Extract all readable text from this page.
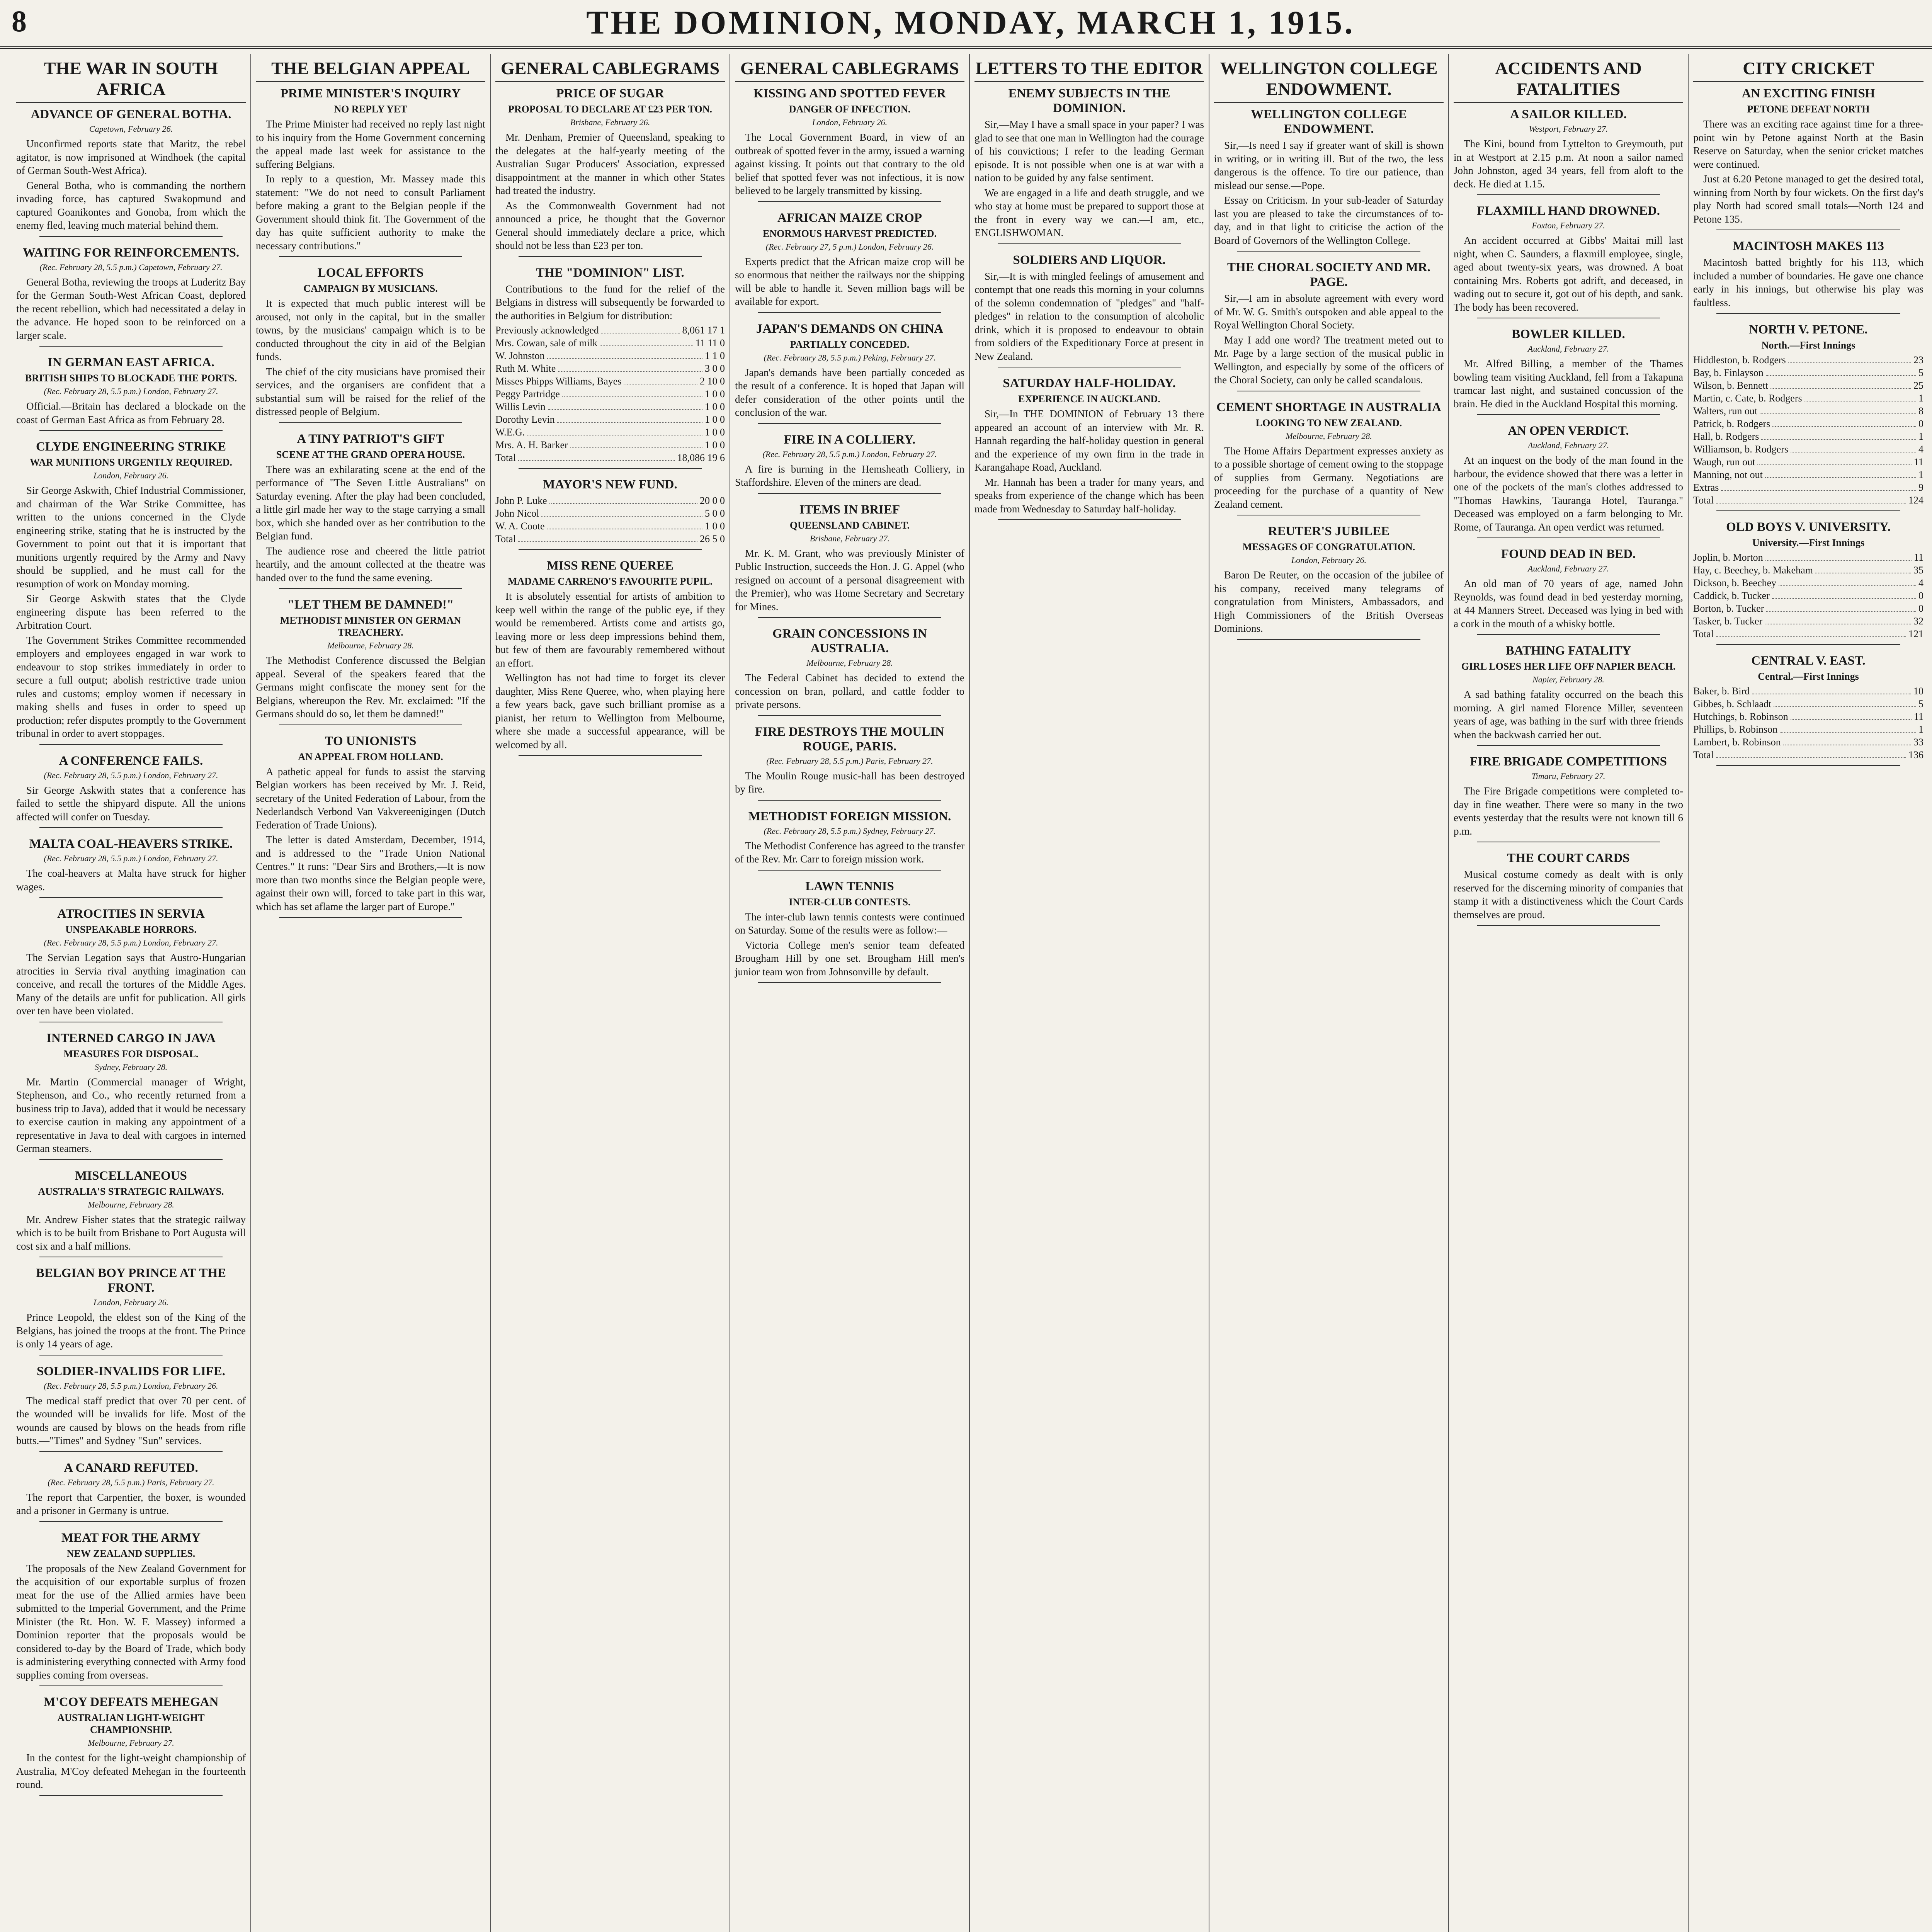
8	THE DOMINION, MONDAY, MARCH 1, 1915.
THE WAR IN SOUTH AFRICA
ADVANCE OF GENERAL BOTHA.
Capetown, February 26.

Unconfirmed reports state that Maritz, the rebel agitator, is now imprisoned at Windhoek (the capital of German South-West Africa).

General Botha, who is commanding the northern invading force, has captured Swakopmund and captured Goanikontes and Gonoba, from which the enemy fled, leaving much material behind them.

WAITING FOR REINFORCEMENTS.
(Rec. February 28, 5.5 p.m.) Capetown, February 27.

General Botha, reviewing the troops at Luderitz Bay for the German South-West African Coast, deplored the recent rebellion, which had necessitated a delay in the advance. He hoped soon to be reinforced on a larger scale.

IN GERMAN EAST AFRICA.
BRITISH SHIPS TO BLOCKADE THE PORTS.
(Rec. February 28, 5.5 p.m.) London, February 27.

Official.—Britain has declared a blockade on the coast of German East Africa as from February 28.

CLYDE ENGINEERING STRIKE
WAR MUNITIONS URGENTLY REQUIRED.
London, February 26.

Sir George Askwith, Chief Industrial Commissioner, and chairman of the War Strike Committee, has written to the unions concerned in the Clyde engineering strike, stating that he is instructed by the Government to point out that it is important that munitions urgently required by the Army and Navy should be supplied, and he must call for the resumption of work on Monday morning.

Sir George Askwith states that the Clyde engineering dispute has been referred to the Arbitration Court.

The Government Strikes Committee recommended employers and employees engaged in war work to endeavour to stop strikes immediately in order to secure a full output; abolish restrictive trade union rules and customs; employ women if necessary in making shells and fuses in order to speed up production; refer disputes promptly to the Government tribunal in order to avert stoppages.

A CONFERENCE FAILS.
(Rec. February 28, 5.5 p.m.) London, February 27.

Sir George Askwith states that a conference has failed to settle the shipyard dispute. All the unions affected will confer on Tuesday.

MALTA COAL-HEAVERS STRIKE.
(Rec. February 28, 5.5 p.m.) London, February 27.

The coal-heavers at Malta have struck for higher wages.

ATROCITIES IN SERVIA
UNSPEAKABLE HORRORS.
(Rec. February 28, 5.5 p.m.) London, February 27.

The Servian Legation says that Austro-Hungarian atrocities in Servia rival anything imagination can conceive, and recall the tortures of the Middle Ages. Many of the details are unfit for publication. All girls over ten have been violated.

INTERNED CARGO IN JAVA
MEASURES FOR DISPOSAL.
Sydney, February 28.

Mr. Martin (Commercial manager of Wright, Stephenson, and Co., who recently returned from a business trip to Java), added that it would be necessary to exercise caution in making any appointment of a representative in Java to deal with cargoes in interned German steamers.

MISCELLANEOUS
AUSTRALIA'S STRATEGIC RAILWAYS.
Melbourne, February 28.

Mr. Andrew Fisher states that the strategic railway which is to be built from Brisbane to Port Augusta will cost six and a half millions.

BELGIAN BOY PRINCE AT THE FRONT.
London, February 26.

Prince Leopold, the eldest son of the King of the Belgians, has joined the troops at the front. The Prince is only 14 years of age.

SOLDIER-INVALIDS FOR LIFE.
(Rec. February 28, 5.5 p.m.) London, February 26.

The medical staff predict that over 70 per cent. of the wounded will be invalids for life. Most of the wounds are caused by blows on the heads from rifle butts.—"Times" and Sydney "Sun" services.

A CANARD REFUTED.
(Rec. February 28, 5.5 p.m.) Paris, February 27.

The report that Carpentier, the boxer, is wounded and a prisoner in Germany is untrue.

MEAT FOR THE ARMY
NEW ZEALAND SUPPLIES.

The proposals of the New Zealand Government for the acquisition of our exportable surplus of frozen meat for the use of the Allied armies have been submitted to the Imperial Government, and the Prime Minister (the Rt. Hon. W. F. Massey) informed a Dominion reporter that the proposals would be considered to-day by the Board of Trade, which body is administering everything connected with Army food supplies coming from overseas.

M'COY DEFEATS MEHEGAN
AUSTRALIAN LIGHT-WEIGHT CHAMPIONSHIP.
Melbourne, February 27.

In the contest for the light-weight championship of Australia, M'Coy defeated Mehegan in the fourteenth round.

THE BELGIAN APPEAL
PRIME MINISTER'S INQUIRY
NO REPLY YET

The Prime Minister had received no reply last night to his inquiry from the Home Government concerning the appeal made last week for assistance to the suffering Belgians.

In reply to a question, Mr. Massey made this statement: "We do not need to consult Parliament before making a grant to the Belgian people if the Government should think fit. The Government of the day has quite sufficient authority to make the necessary contributions."

LOCAL EFFORTS
CAMPAIGN BY MUSICIANS.

It is expected that much public interest will be aroused, not only in the capital, but in the smaller towns, by the musicians' campaign which is to be conducted throughout the city in aid of the Belgian funds.

The chief of the city musicians have promised their services, and the organisers are confident that a substantial sum will be raised for the relief of the distressed people of Belgium.

A TINY PATRIOT'S GIFT
SCENE AT THE GRAND OPERA HOUSE.

There was an exhilarating scene at the end of the performance of "The Seven Little Australians" on Saturday evening. After the play had been concluded, a little girl made her way to the stage carrying a small box, which she handed over as her contribution to the Belgian fund.

The audience rose and cheered the little patriot heartily, and the amount collected at the theatre was handed over to the fund the same evening.

"LET THEM BE DAMNED!"
METHODIST MINISTER ON GERMAN TREACHERY.
Melbourne, February 28.

The Methodist Conference discussed the Belgian appeal. Several of the speakers feared that the Germans might confiscate the money sent for the Belgians, whereupon the Rev. Mr. exclaimed: "If the Germans should do so, let them be damned!"

TO UNIONISTS
AN APPEAL FROM HOLLAND.

A pathetic appeal for funds to assist the starving Belgian workers has been received by Mr. J. Reid, secretary of the United Federation of Labour, from the Nederlandsch Verbond Van Vakvereenigingen (Dutch Federation of Trade Unions).

The letter is dated Amsterdam, December, 1914, and is addressed to the "Trade Union National Centres." It runs: "Dear Sirs and Brothers,—It is now more than two months since the Belgian people were, against their own will, forced to take part in this war, which has set aflame the larger part of Europe."

GENERAL CABLEGRAMS
PRICE OF SUGAR
PROPOSAL TO DECLARE AT £23 PER TON.
Brisbane, February 26.

Mr. Denham, Premier of Queensland, speaking to the delegates at the half-yearly meeting of the Australian Sugar Producers' Association, expressed disappointment at the manner in which other States had treated the industry.

As the Commonwealth Government had not announced a price, he thought that the Governor General should immediately declare a price, which should not be less than £23 per ton.

THE "DOMINION" LIST.

Contributions to the fund for the relief of the Belgians in distress will subsequently be forwarded to the authorities in Belgium for distribution:

Previously acknowledged	8,061 17 1
Mrs. Cowan, sale of milk	11 11 0
W. Johnston	1 1 0
Ruth M. White	3 0 0
Misses Phipps Williams, Bayes	2 10 0
Peggy Partridge	1 0 0
Willis Levin	1 0 0
Dorothy Levin	1 0 0
W.E.G.	1 0 0
Mrs. A. H. Barker	1 0 0
Total	18,086 19 6
MAYOR'S NEW FUND.
John P. Luke	20 0 0
John Nicol	5 0 0
W. A. Coote	1 0 0
Total	26 5 0
MISS RENE QUEREE
MADAME CARRENO'S FAVOURITE PUPIL.

It is absolutely essential for artists of ambition to keep well within the range of the public eye, if they would be remembered. Artists come and artists go, leaving more or less deep impressions behind them, but few of them are favourably remembered without an effort.

Wellington has not had time to forget its clever daughter, Miss Rene Queree, who, when playing here a few years back, gave such brilliant promise as a pianist, her return to Wellington from Melbourne, where she made a successful appearance, will be welcomed by all.

GENERAL CABLEGRAMS
KISSING AND SPOTTED FEVER
DANGER OF INFECTION.
London, February 26.

The Local Government Board, in view of an outbreak of spotted fever in the army, issued a warning against kissing. It points out that contrary to the old belief that spotted fever was not infectious, it is now believed to be largely transmitted by kissing.

AFRICAN MAIZE CROP
ENORMOUS HARVEST PREDICTED.
(Rec. February 27, 5 p.m.) London, February 26.

Experts predict that the African maize crop will be so enormous that neither the railways nor the shipping will be able to handle it. Seven million bags will be available for export.

JAPAN'S DEMANDS ON CHINA
PARTIALLY CONCEDED.
(Rec. February 28, 5.5 p.m.) Peking, February 27.

Japan's demands have been partially conceded as the result of a conference. It is hoped that Japan will defer consideration of the other points until the conclusion of the war.

FIRE IN A COLLIERY.
(Rec. February 28, 5.5 p.m.) London, February 27.

A fire is burning in the Hemsheath Colliery, in Staffordshire. Eleven of the miners are dead.

ITEMS IN BRIEF
QUEENSLAND CABINET.
Brisbane, February 27.

Mr. K. M. Grant, who was previously Minister of Public Instruction, succeeds the Hon. J. G. Appel (who resigned on account of a personal disagreement with the Premier), who was Home Secretary and Secretary for Mines.

GRAIN CONCESSIONS IN AUSTRALIA.
Melbourne, February 28.

The Federal Cabinet has decided to extend the concession on bran, pollard, and cattle fodder to private persons.

FIRE DESTROYS THE MOULIN ROUGE, PARIS.
(Rec. February 28, 5.5 p.m.) Paris, February 27.

The Moulin Rouge music-hall has been destroyed by fire.

METHODIST FOREIGN MISSION.
(Rec. February 28, 5.5 p.m.) Sydney, February 27.

The Methodist Conference has agreed to the transfer of the Rev. Mr. Carr to foreign mission work.

LAWN TENNIS
INTER-CLUB CONTESTS.

The inter-club lawn tennis contests were continued on Saturday. Some of the results were as follow:—

Victoria College men's senior team defeated Brougham Hill by one set. Brougham Hill men's junior team won from Johnsonville by default.

LETTERS TO THE EDITOR
ENEMY SUBJECTS IN THE DOMINION.

Sir,—May I have a small space in your paper? I was glad to see that one man in Wellington had the courage of his convictions; I refer to the leading German episode. It is not possible when one is at war with a nation to be guided by any false sentiment.

We are engaged in a life and death struggle, and we who stay at home must be prepared to support those at the front in every way we can.—I am, etc., ENGLISHWOMAN.

SOLDIERS AND LIQUOR.

Sir,—It is with mingled feelings of amusement and contempt that one reads this morning in your columns of the solemn condemnation of "pledges" and "half-pledges" in relation to the consumption of alcoholic drink, which it is proposed to endeavour to obtain from soldiers of the Expeditionary Force at present in New Zealand.

SATURDAY HALF-HOLIDAY.
EXPERIENCE IN AUCKLAND.

Sir,—In THE DOMINION of February 13 there appeared an account of an interview with Mr. R. Hannah regarding the half-holiday question in general and the experience of my own firm in the trade in Karangahape Road, Auckland.

Mr. Hannah has been a trader for many years, and speaks from experience of the change which has been made from Wednesday to Saturday half-holiday.

WELLINGTON COLLEGE ENDOWMENT.
WELLINGTON COLLEGE ENDOWMENT.

Sir,—Is need I say if greater want of skill is shown in writing, or in writing ill. But of the two, the less dangerous is the offence. To tire our patience, than mislead our sense.—Pope.

Essay on Criticism. In your sub-leader of Saturday last you are pleased to take the circumstances of to-day, and in that light to criticise the action of the Board of Governors of the Wellington College.

THE CHORAL SOCIETY AND MR. PAGE.

Sir,—I am in absolute agreement with every word of Mr. W. G. Smith's outspoken and able appeal to the Royal Wellington Choral Society.

May I add one word? The treatment meted out to Mr. Page by a large section of the musical public in Wellington, and especially by some of the officers of the Choral Society, can only be called scandalous.

CEMENT SHORTAGE IN AUSTRALIA
LOOKING TO NEW ZEALAND.
Melbourne, February 28.

The Home Affairs Department expresses anxiety as to a possible shortage of cement owing to the stoppage of supplies from Germany. Negotiations are proceeding for the purchase of a quantity of New Zealand cement.

REUTER'S JUBILEE
MESSAGES OF CONGRATULATION.
London, February 26.

Baron De Reuter, on the occasion of the jubilee of his company, received many telegrams of congratulation from Ministers, Ambassadors, and High Commissioners of the British Overseas Dominions.

ACCIDENTS AND FATALITIES
A SAILOR KILLED.
Westport, February 27.

The Kini, bound from Lyttelton to Greymouth, put in at Westport at 2.15 p.m. At noon a sailor named John Johnston, aged 34 years, fell from aloft to the deck. He died at 1.15.

FLAXMILL HAND DROWNED.
Foxton, February 27.

An accident occurred at Gibbs' Maitai mill last night, when C. Saunders, a flaxmill employee, single, aged about twenty-six years, was drowned. A boat containing Mrs. Roberts got adrift, and deceased, in wading out to secure it, got out of his depth, and sank. The body has been recovered.

BOWLER KILLED.
Auckland, February 27.

Mr. Alfred Billing, a member of the Thames bowling team visiting Auckland, fell from a Takapuna tramcar last night, and sustained concussion of the brain. He died in the Auckland Hospital this morning.

AN OPEN VERDICT.
Auckland, February 27.

At an inquest on the body of the man found in the harbour, the evidence showed that there was a letter in one of the pockets of the man's clothes addressed to "Thomas Hawkins, Tauranga Hotel, Tauranga." Deceased was employed on a farm belonging to Mr. Rome, of Tauranga. An open verdict was returned.

FOUND DEAD IN BED.
Auckland, February 27.

An old man of 70 years of age, named John Reynolds, was found dead in bed yesterday morning, at 44 Manners Street. Deceased was lying in bed with a cork in the mouth of a whisky bottle.

BATHING FATALITY
GIRL LOSES HER LIFE OFF NAPIER BEACH.
Napier, February 28.

A sad bathing fatality occurred on the beach this morning. A girl named Florence Miller, seventeen years of age, was bathing in the surf with three friends when the backwash carried her out.

FIRE BRIGADE COMPETITIONS
Timaru, February 27.

The Fire Brigade competitions were completed to-day in fine weather. There were so many in the two events yesterday that the results were not known till 6 p.m.

THE COURT CARDS

Musical costume comedy as dealt with is only reserved for the discerning minority of companies that stamp it with a distinctiveness which the Court Cards themselves are proud.

CITY CRICKET
AN EXCITING FINISH
PETONE DEFEAT NORTH

There was an exciting race against time for a three-point win by Petone against North at the Basin Reserve on Saturday, when the senior cricket matches were continued.

Just at 6.20 Petone managed to get the desired total, winning from North by four wickets. On the first day's play North had scored small totals—North 124 and Petone 135.

MACINTOSH MAKES 113

Macintosh batted brightly for his 113, which included a number of boundaries. He gave one chance early in his innings, but otherwise his play was faultless.

NORTH V. PETONE.
North.—First Innings
Hiddleston, b. Rodgers	23
Bay, b. Finlayson	5
Wilson, b. Bennett	25
Martin, c. Cate, b. Rodgers	1
Walters, run out	8
Patrick, b. Rodgers	0
Hall, b. Rodgers	1
Williamson, b. Rodgers	4
Waugh, run out	11
Manning, not out	1
Extras	9
Total	124
OLD BOYS V. UNIVERSITY.
University.—First Innings
Joplin, b. Morton	11
Hay, c. Beechey, b. Makeham	35
Dickson, b. Beechey	4
Caddick, b. Tucker	0
Borton, b. Tucker	0
Tasker, b. Tucker	32
Total	121
CENTRAL V. EAST.
Central.—First Innings
Baker, b. Bird	10
Gibbes, b. Schlaadt	5
Hutchings, b. Robinson	11
Phillips, b. Robinson	1
Lambert, b. Robinson	33
Total	136
